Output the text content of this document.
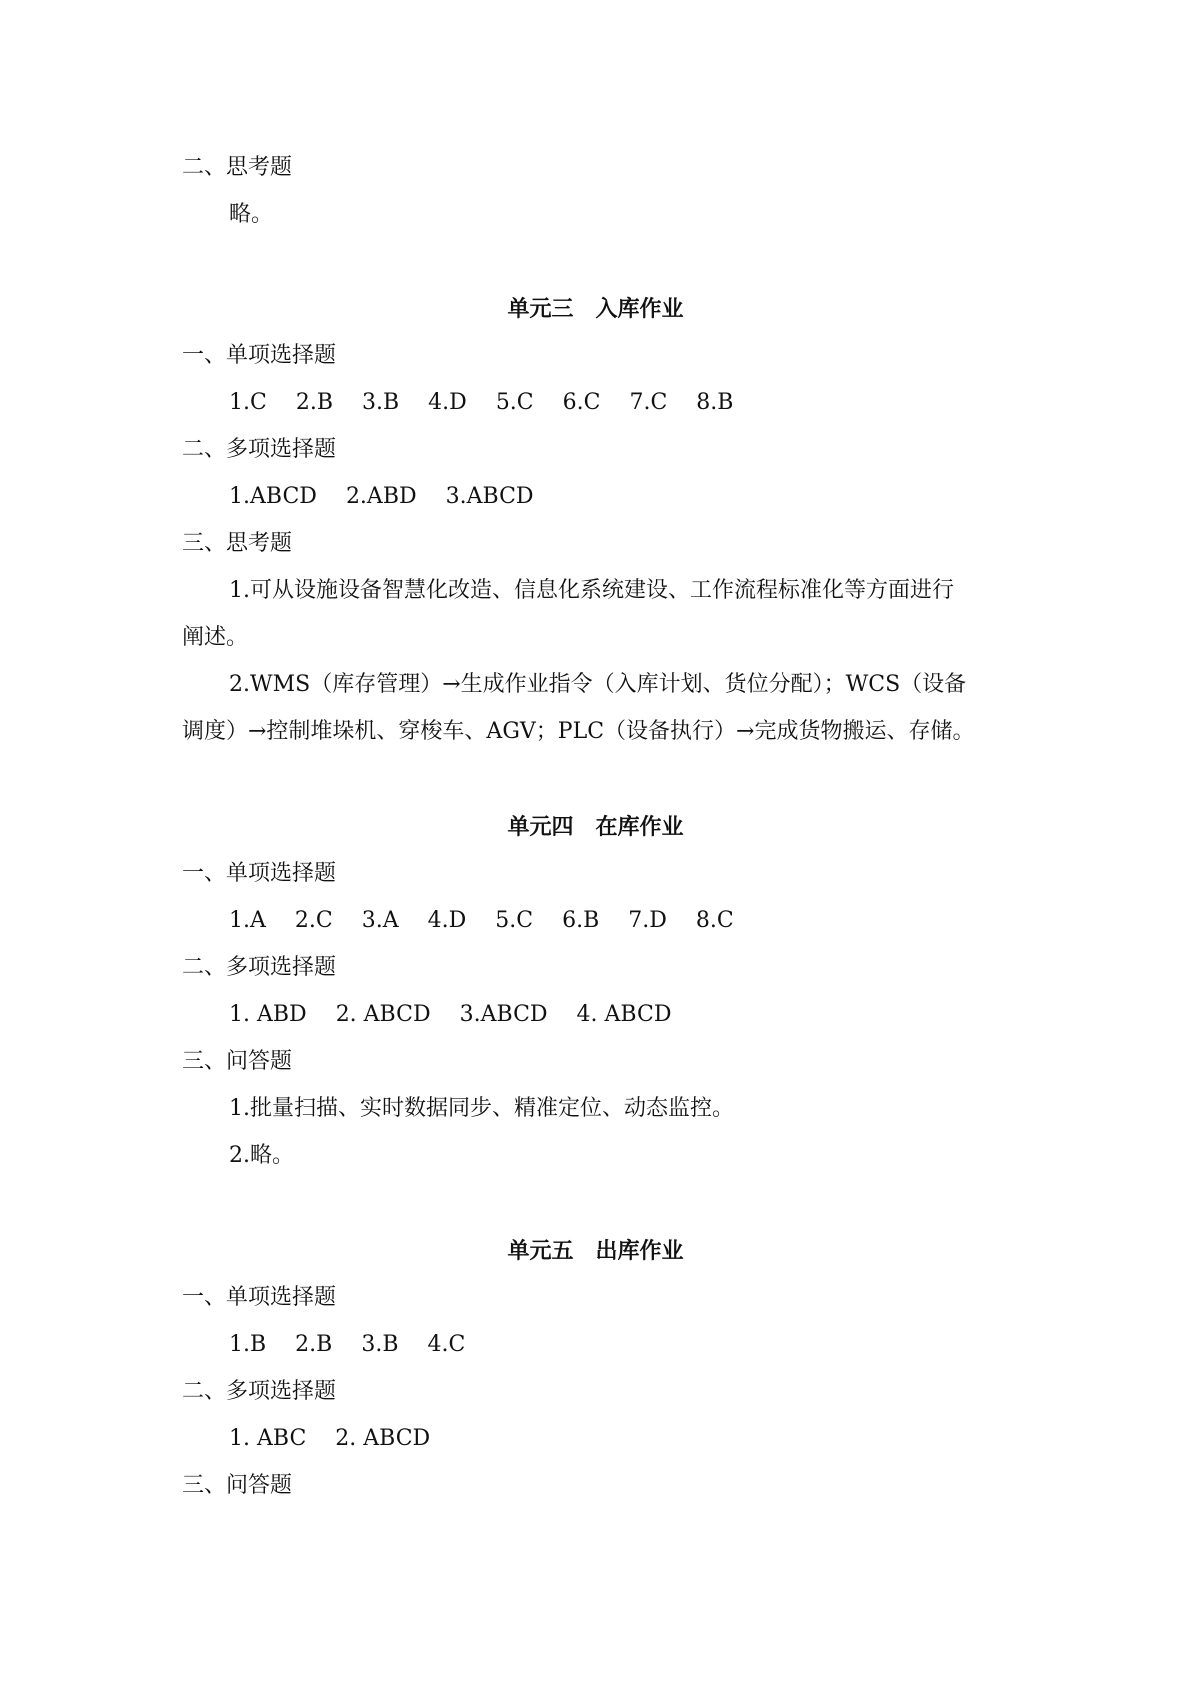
二、思考题
略。
单元三　入库作业
一、单项选择题
1.C 2.B 3.B 4.D 5.C 6.C 7.C 8.B
二、多项选择题
1.ABCD 2.ABD 3.ABCD
三、思考题
1.可从设施设备智慧化改造、信息化系统建设、工作流程标准化等方面进行
阐述。
2.WMS（库存管理）→生成作业指令（入库计划、货位分配）；WCS（设备
调度）→控制堆垛机、穿梭车、AGV；PLC（设备执行）→完成货物搬运、存储。
单元四　在库作业
一、单项选择题
1.A 2.C 3.A 4.D 5.C 6.B 7.D 8.C
二、多项选择题
1. ABD 2. ABCD 3.ABCD 4. ABCD
三、问答题
1.批量扫描、实时数据同步、精准定位、动态监控。
2.略。
单元五　出库作业
一、单项选择题
1.B 2.B 3.B 4.C
二、多项选择题
1. ABC 2. ABCD
三、问答题
